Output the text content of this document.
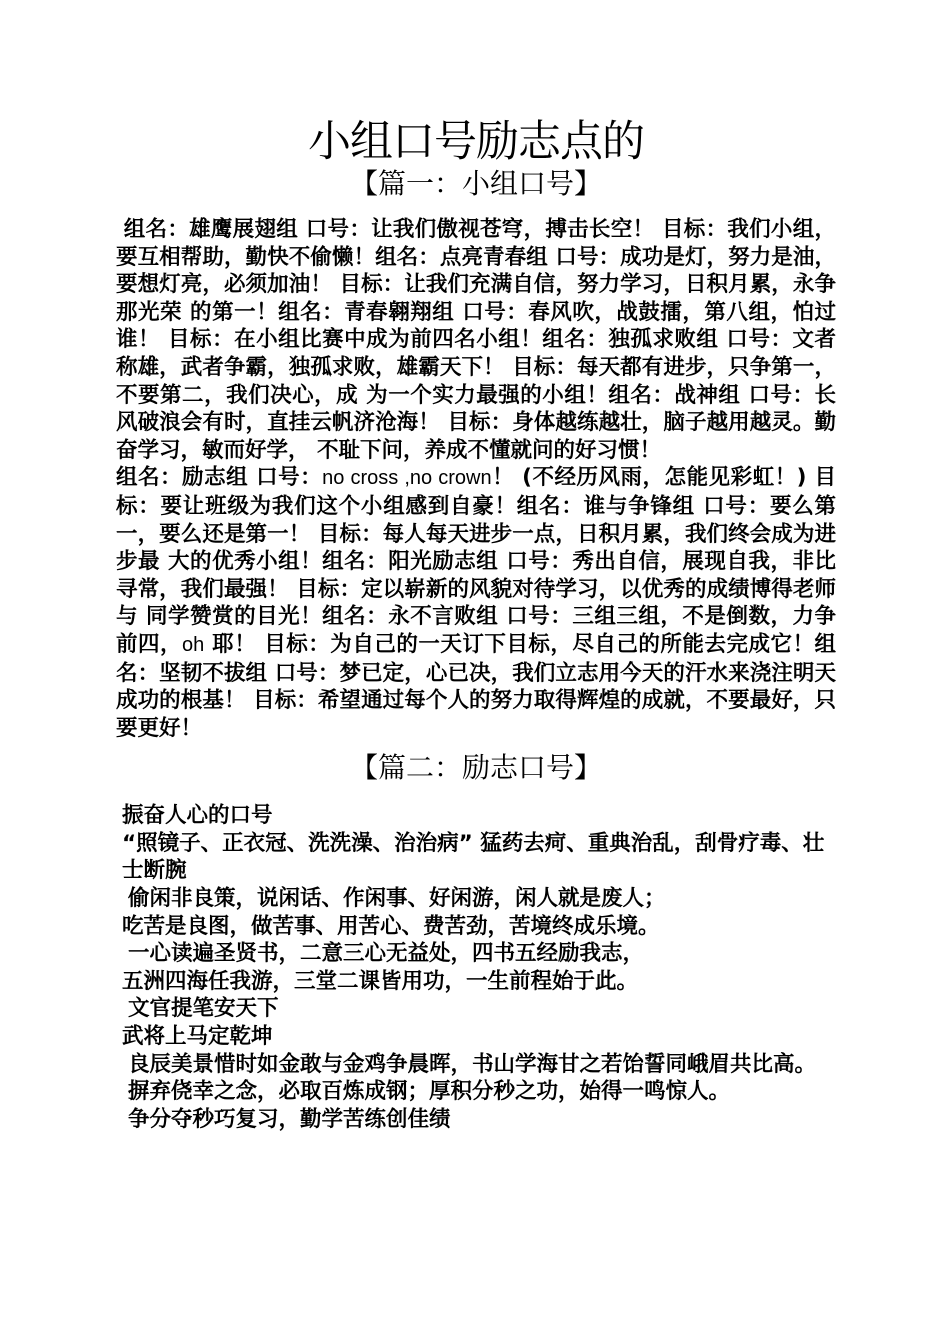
小组口号励志点的
【篇一：小组口号】

组名：雄鹰展翅组 口号：让我们傲视苍穹，搏击长空！ 目标：我们小组，要互相帮助，勤快不偷懒！组名：点亮青春组 口号：成功是灯，努力是油，要想灯亮，必须加油！ 目标：让我们充满自信，努力学习，日积月累，永争那光荣 的第一！组名：青春翱翔组 口号：春风吹，战鼓擂，第八组，怕过谁！ 目标：在小组比赛中成为前四名小组！组名：独孤求败组 口号：文者称雄，武者争霸，独孤求败，雄霸天下！ 目标：每天都有进步，只争第一，不要第二，我们决心，成 为一个实力最强的小组！组名：战神组 口号：长风破浪会有时，直挂云帆济沧海！ 目标：身体越练越壮，脑子越用越灵。勤奋学习，敏而好学， 不耻下问，养成不懂就问的好习惯！

组名：励志组 口号：no cross ,no crown！ (不经历风雨，怎能见彩虹！) 目标：要让班级为我们这个小组感到自豪！组名：谁与争锋组 口号：要么第一，要么还是第一！ 目标：每人每天进步一点，日积月累，我们终会成为进步最 大的优秀小组！组名：阳光励志组 口号：秀出自信，展现自我，非比寻常，我们最强！ 目标：定以崭新的风貌对待学习，以优秀的成绩博得老师与 同学赞赏的目光！组名：永不言败组 口号：三组三组，不是倒数，力争前四，oh 耶！ 目标：为自己的一天订下目标，尽自己的所能去完成它！组名：坚韧不拔组 口号：梦已定，心已决，我们立志用今天的汗水来浇注明天 成功的根基！ 目标：希望通过每个人的努力取得辉煌的成就，不要最好，只要更好！

【篇二：励志口号】
振奋人心的口号
“照镜子、正衣冠、洗洗澡、治治病” 猛药去疴、重典治乱，刮骨疗毒、壮士断腕
偷闲非良策，说闲话、作闲事、好闲游，闲人就是废人；
吃苦是良图，做苦事、用苦心、费苦劲，苦境终成乐境。
一心读遍圣贤书，二意三心无益处，四书五经励我志，
五洲四海任我游，三堂二课皆用功，一生前程始于此。
文官提笔安天下
武将上马定乾坤
良辰美景惜时如金敢与金鸡争晨晖，书山学海甘之若饴誓同峨眉共比高。
摒弃侥幸之念，必取百炼成钢；厚积分秒之功，始得一鸣惊人。
争分夺秒巧复习，勤学苦练创佳绩
